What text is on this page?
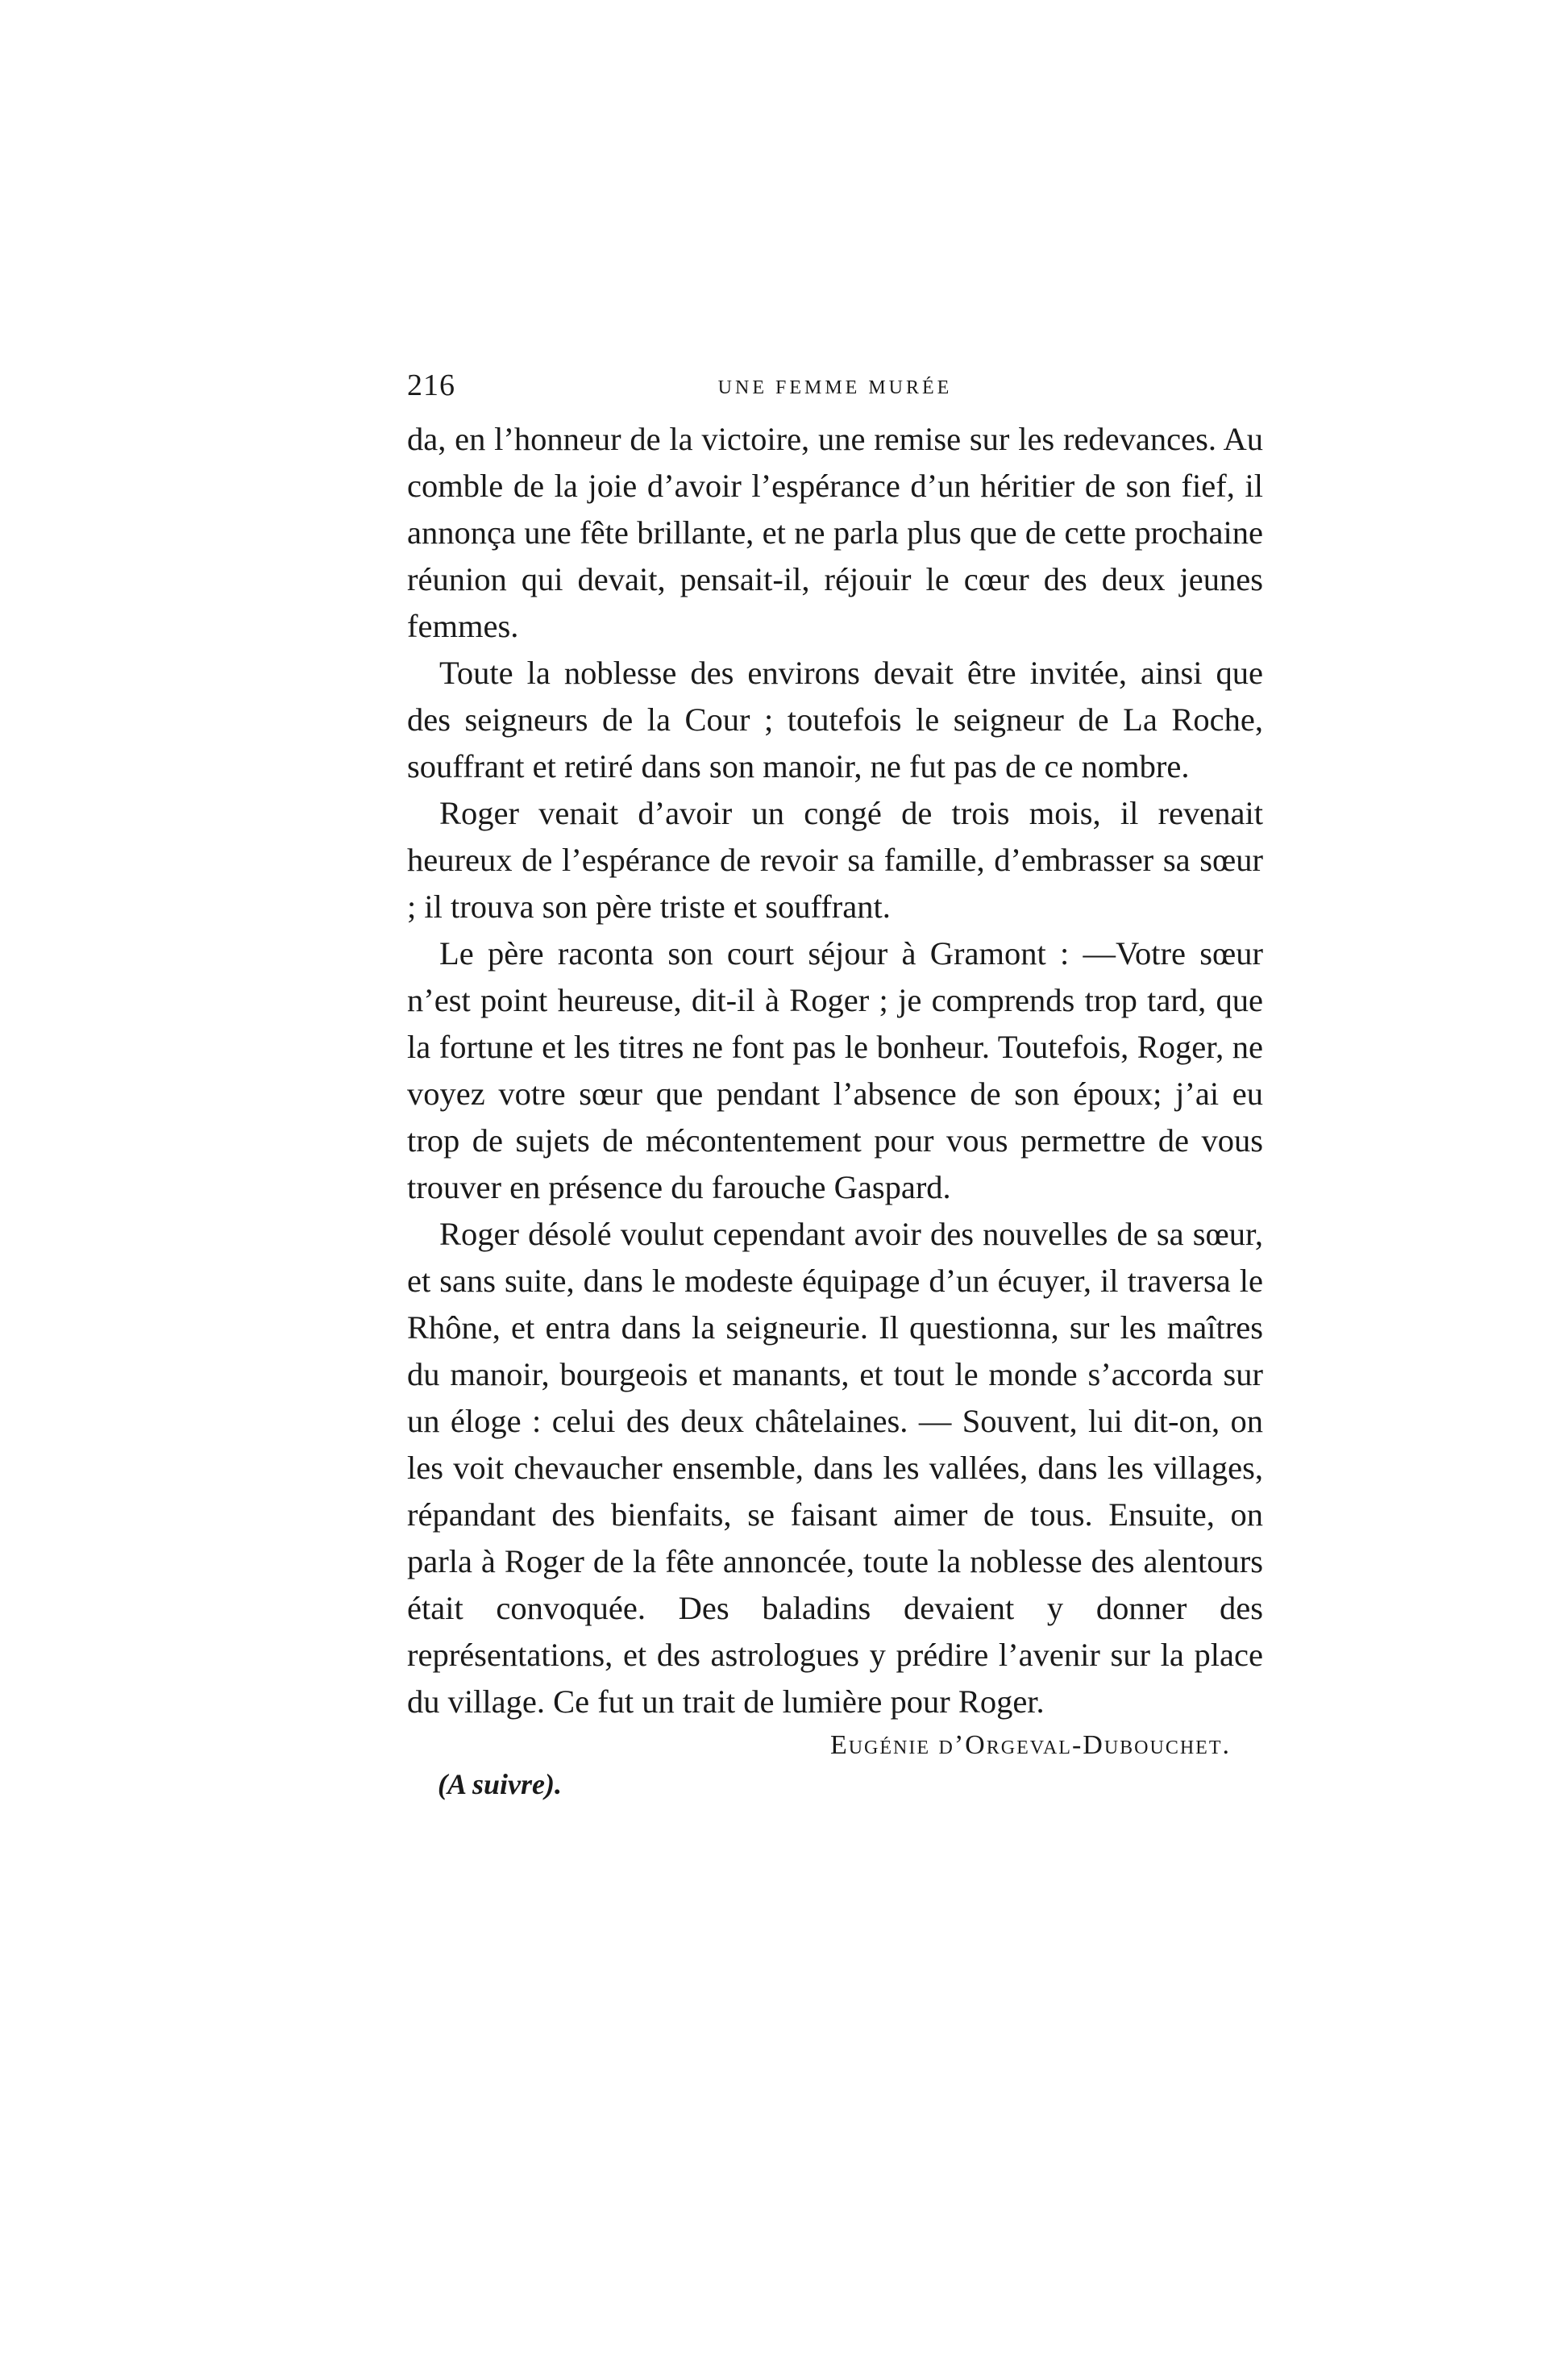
216	UNE FEMME MURÉE

da, en l’honneur de la victoire, une remise sur les redevances. Au comble de la joie d’avoir l’espérance d’un héritier de son fief, il annonça une fête brillante, et ne parla plus que de cette prochaine réunion qui devait, pensait-il, réjouir le cœur des deux jeunes femmes.

Toute la noblesse des environs devait être invitée, ainsi que des seigneurs de la Cour ; toutefois le seigneur de La Roche, souffrant et retiré dans son manoir, ne fut pas de ce nombre.

Roger venait d’avoir un congé de trois mois, il revenait heureux de l’espérance de revoir sa famille, d’embrasser sa sœur ; il trouva son père triste et souffrant.

Le père raconta son court séjour à Gramont : —Votre sœur n’est point heureuse, dit-il à Roger ; je comprends trop tard, que la fortune et les titres ne font pas le bonheur. Toutefois, Roger, ne voyez votre sœur que pendant l’absence de son époux; j’ai eu trop de sujets de mécontentement pour vous permettre de vous trouver en présence du farouche Gaspard.

Roger désolé voulut cependant avoir des nouvelles de sa sœur, et sans suite, dans le modeste équipage d’un écuyer, il traversa le Rhône, et entra dans la seigneurie. Il questionna, sur les maîtres du manoir, bourgeois et manants, et tout le monde s’accorda sur un éloge : celui des deux châtelaines. — Souvent, lui dit-on, on les voit chevaucher ensemble, dans les vallées, dans les villages, répandant des bienfaits, se faisant aimer de tous. Ensuite, on parla à Roger de la fête annoncée, toute la noblesse des alentours était convoquée. Des baladins devaient y donner des représentations, et des astrologues y prédire l’avenir sur la place du village. Ce fut un trait de lumière pour Roger.

Eugénie d’Orgeval-Dubouchet.
(A suivre).
